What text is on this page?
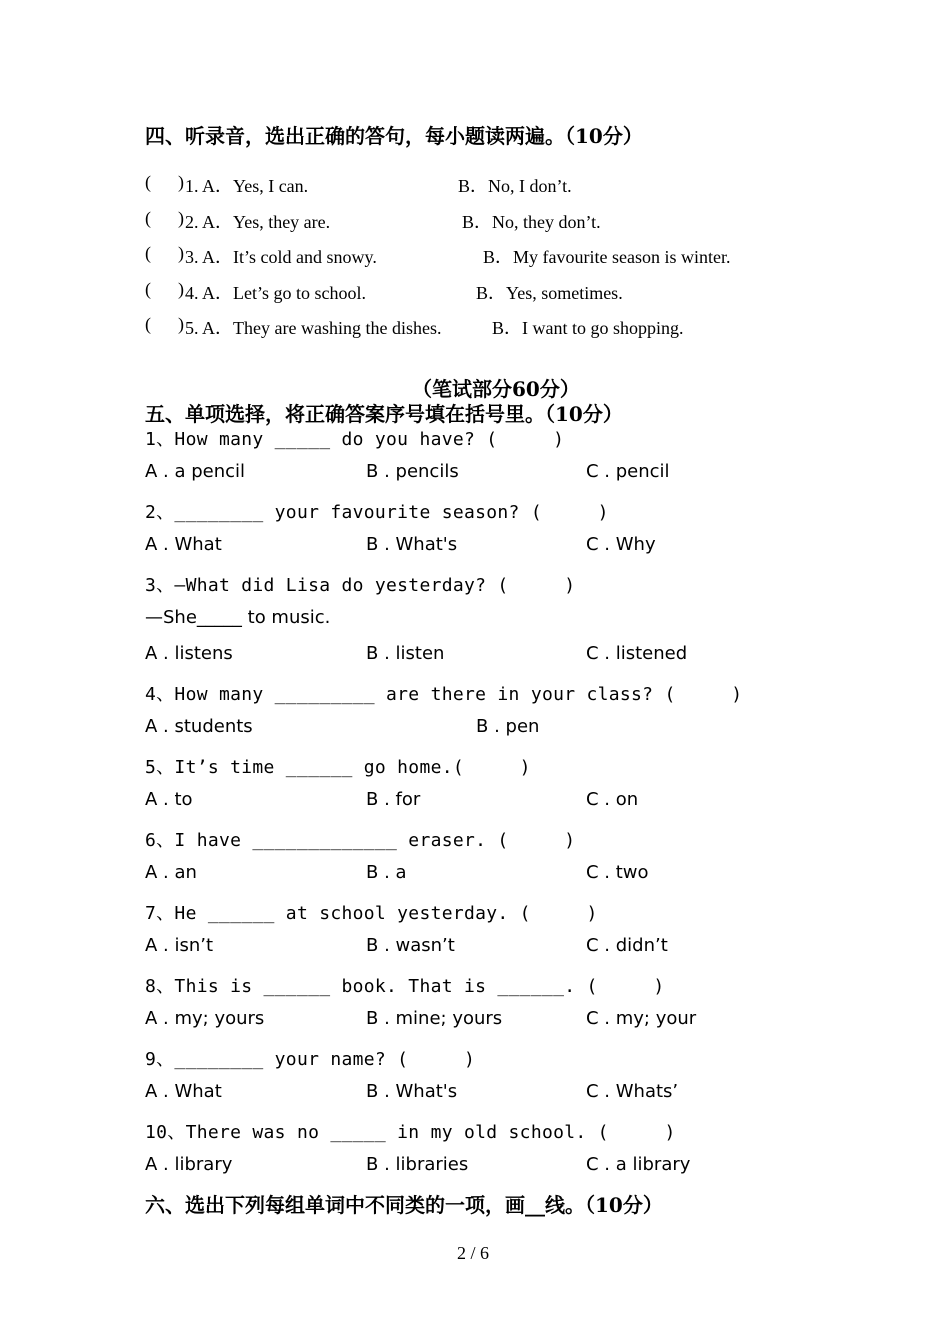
四、听录音，选出正确的答句，每小题读两遍。（10分）
(      ) 1. A．Yes, I can.	B．No, I don’t.
(      ) 2. A．Yes, they are.	B．No, they don’t.
(      ) 3. A．It’s cold and snowy.	B．My favourite season is winter.
(      ) 4. A．Let’s go to school.	B．Yes, sometimes.
(      ) 5. A．They are washing the dishes.	B．I want to go shopping.
（笔试部分60分）
五、单项选择，将正确答案序号填在括号里。（10分）
1、How many _____ do you have? (     )
A . a pencil	B . pencils	C . pencil
2、________ your favourite season? (     )
A . What	B . What's	C . Why
3、—What did Lisa do yesterday? (     )
—She_____ to music.
A . listens	B . listen	C . listened
4、How many _________ are there in your class? (     )
A . students	B . pen
5、It’s time ______ go home.(     )
A . to	B . for	C . on
6、I have _____________ eraser. (     )
A . an	B . a	C . two
7、He ______ at school yesterday. (     )
A . isn’t	B . wasn’t	C . didn’t
8、This is ______ book. That is ______. (     )
A . my; yours	B . mine; yours	C . my; your
9、________ your name? (     )
A . What	B . What's	C . Whats’
10、There was no _____ in my old school. (     )
A . library	B . libraries	C . a library
六、选出下列每组单词中不同类的一项，画__线。（10分）
2 / 6
